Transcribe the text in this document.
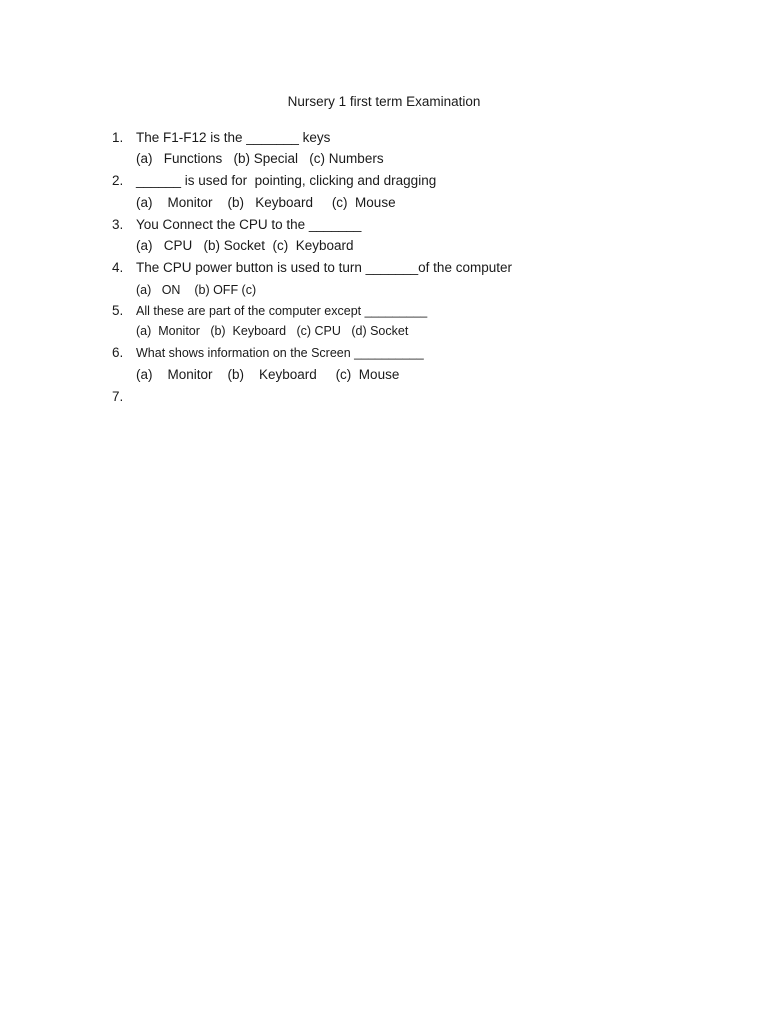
Nursery 1 first term Examination
1. The F1-F12 is the _______ keys
(a)   Functions   (b) Special   (c) Numbers
2. ______ is used for  pointing, clicking and dragging
(a)    Monitor    (b)   Keyboard     (c)  Mouse
3. You Connect the CPU to the _______
(a)   CPU   (b) Socket  (c)  Keyboard
4. The CPU power button is used to turn _______of the computer
(a)   ON    (b) OFF (c)
5. All these are part of the computer except _________
(a)  Monitor   (b)  Keyboard   (c) CPU   (d) Socket
6. What shows information on the Screen __________
(a)    Monitor    (b)    Keyboard     (c)  Mouse
7.
